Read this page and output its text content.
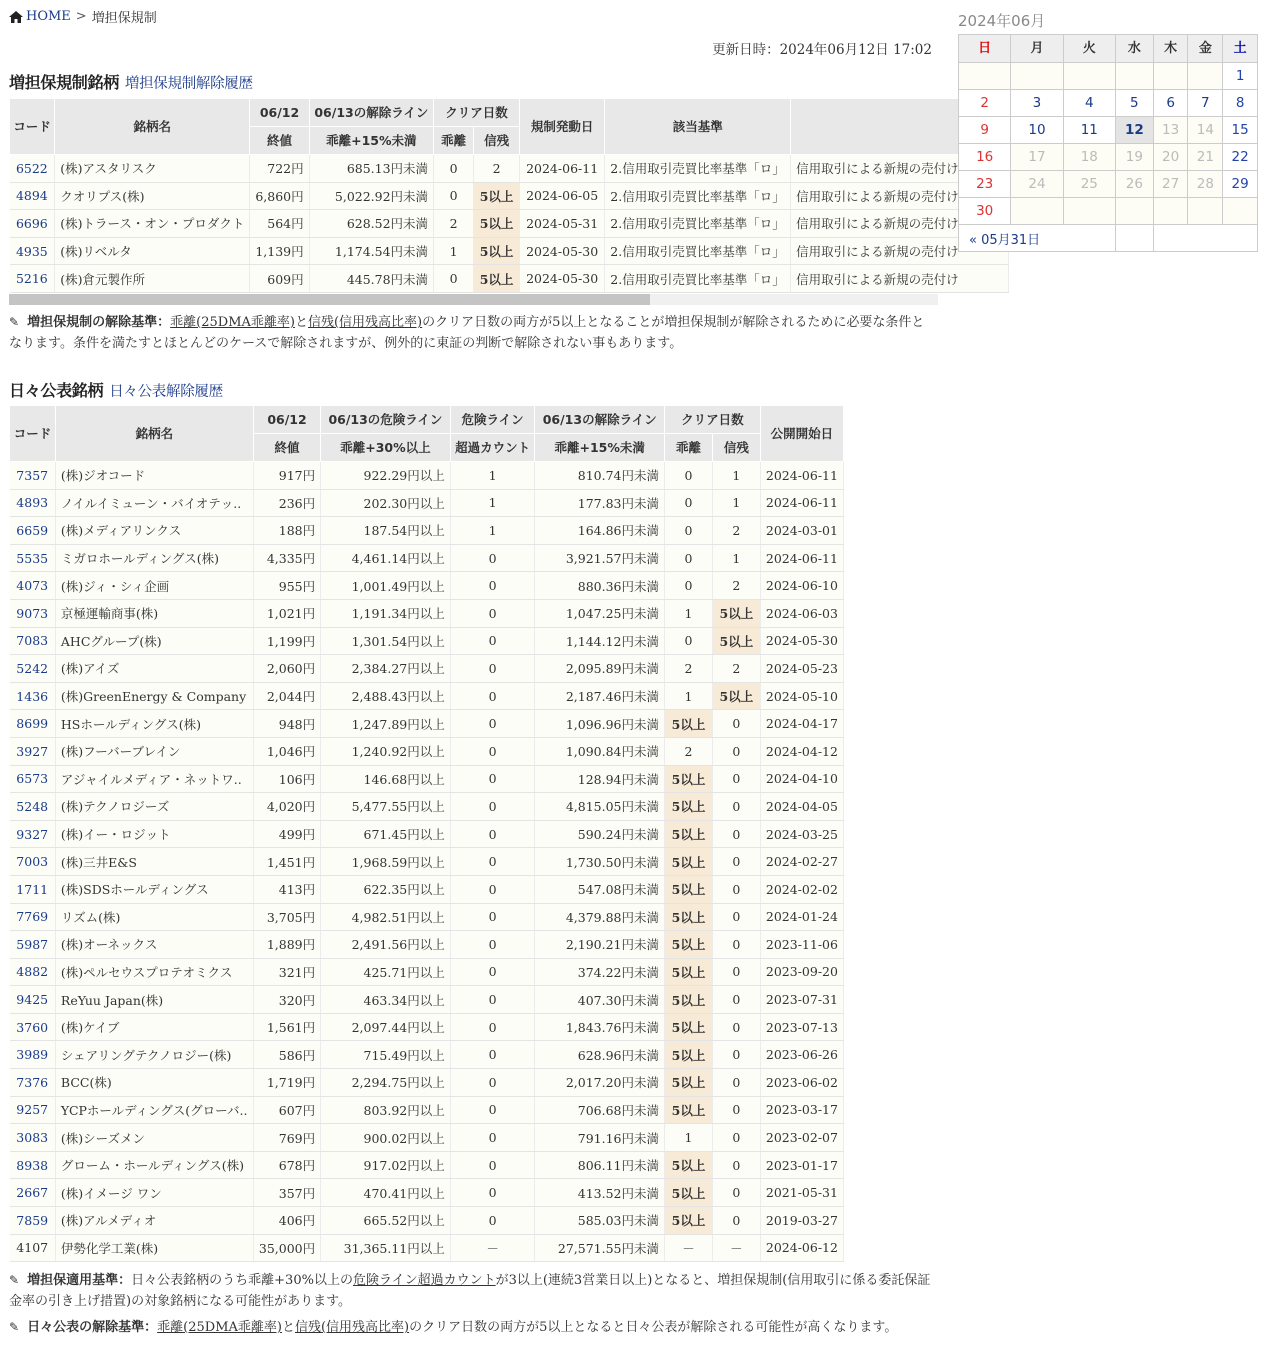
HOME > 増担保規制
更新日時：2024年06月12日 17:02
増担保規制銘柄 増担保規制解除履歴
コード	銘柄名	06/12	06/13の解除ライン	クリア日数		規制発動日	該当基準	
		終値	乖離+15%未満	乖離	信残			
6522	(株)アスタリスク	722円	685.13円未満	0	2	2024-06-11	2.信用取引売買比率基準「ロ」	信用取引による新規の売付け
4894	クオリプス(株)	6,860円	5,022.92円未満	0	5以上	2024-06-05	2.信用取引売買比率基準「ロ」	信用取引による新規の売付け
6696	(株)トラース・オン・プロダクト	564円	628.52円未満	2	5以上	2024-05-31	2.信用取引売買比率基準「ロ」	信用取引による新規の売付け
4935	(株)リベルタ	1,139円	1,174.54円未満	1	5以上	2024-05-30	2.信用取引売買比率基準「ロ」	信用取引による新規の売付け
5216	(株)倉元製作所	609円	445.78円未満	0	5以上	2024-05-30	2.信用取引売買比率基準「ロ」	信用取引による新規の売付け
✎ 増担保規制の解除基準：乖離(25DMA乖離率)と信残(信用残高比率)のクリア日数の両方が5以上となることが増担保規制が解除されるために必要な条件となります。条件を満たすとほとんどのケースで解除されますが、例外的に東証の判断で解除されない事もあります。
日々公表銘柄 日々公表解除履歴
コード	銘柄名	06/12	06/13の危険ライン	危険ライン	06/13の解除ライン	クリア日数		公開開始日
		終値	乖離+30%以上	超過カウント	乖離+15%未満	乖離	信残	
7357	(株)ジオコード	917円	922.29円以上	1	810.74円未満	0	1	2024-06-11
4893	ノイルイミューン・バイオテッ..	236円	202.30円以上	1	177.83円未満	0	1	2024-06-11
6659	(株)メディアリンクス	188円	187.54円以上	1	164.86円未満	0	2	2024-03-01
5535	ミガロホールディングス(株)	4,335円	4,461.14円以上	0	3,921.57円未満	0	1	2024-06-11
4073	(株)ジィ・シィ企画	955円	1,001.49円以上	0	880.36円未満	0	2	2024-06-10
9073	京極運輸商事(株)	1,021円	1,191.34円以上	0	1,047.25円未満	1	5以上	2024-06-03
7083	AHCグループ(株)	1,199円	1,301.54円以上	0	1,144.12円未満	0	5以上	2024-05-30
5242	(株)アイズ	2,060円	2,384.27円以上	0	2,095.89円未満	2	2	2024-05-23
1436	(株)GreenEnergy & Company	2,044円	2,488.43円以上	0	2,187.46円未満	1	5以上	2024-05-10
8699	HSホールディングス(株)	948円	1,247.89円以上	0	1,096.96円未満	5以上	0	2024-04-17
3927	(株)フーバーブレイン	1,046円	1,240.92円以上	0	1,090.84円未満	2	0	2024-04-12
6573	アジャイルメディア・ネットワ..	106円	146.68円以上	0	128.94円未満	5以上	0	2024-04-10
5248	(株)テクノロジーズ	4,020円	5,477.55円以上	0	4,815.05円未満	5以上	0	2024-04-05
9327	(株)イー・ロジット	499円	671.45円以上	0	590.24円未満	5以上	0	2024-03-25
7003	(株)三井E&S	1,451円	1,968.59円以上	0	1,730.50円未満	5以上	0	2024-02-27
1711	(株)SDSホールディングス	413円	622.35円以上	0	547.08円未満	5以上	0	2024-02-02
7769	リズム(株)	3,705円	4,982.51円以上	0	4,379.88円未満	5以上	0	2024-01-24
5987	(株)オーネックス	1,889円	2,491.56円以上	0	2,190.21円未満	5以上	0	2023-11-06
4882	(株)ペルセウスプロテオミクス	321円	425.71円以上	0	374.22円未満	5以上	0	2023-09-20
9425	ReYuu Japan(株)	320円	463.34円以上	0	407.30円未満	5以上	0	2023-07-31
3760	(株)ケイブ	1,561円	2,097.44円以上	0	1,843.76円未満	5以上	0	2023-07-13
3989	シェアリングテクノロジー(株)	586円	715.49円以上	0	628.96円未満	5以上	0	2023-06-26
7376	BCC(株)	1,719円	2,294.75円以上	0	2,017.20円未満	5以上	0	2023-06-02
9257	YCPホールディングス(グローバ..	607円	803.92円以上	0	706.68円未満	5以上	0	2023-03-17
3083	(株)シーズメン	769円	900.02円以上	0	791.16円未満	1	0	2023-02-07
8938	グローム・ホールディングス(株)	678円	917.02円以上	0	806.11円未満	5以上	0	2023-01-17
2667	(株)イメージ ワン	357円	470.41円以上	0	413.52円未満	5以上	0	2021-05-31
7859	(株)アルメディオ	406円	665.52円以上	0	585.03円未満	5以上	0	2019-03-27
4107	伊勢化学工業(株)	35,000円	31,365.11円以上	－	27,571.55円未満	－	－	2024-06-12
✎ 増担保適用基準：日々公表銘柄のうち乖離+30%以上の危険ライン超過カウントが3以上(連続3営業日以上)となると、増担保規制(信用取引に係る委託保証金率の引き上げ措置)の対象銘柄になる可能性があります。
✎ 日々公表の解除基準：乖離(25DMA乖離率)と信残(信用残高比率)のクリア日数の両方が5以上となると日々公表が解除される可能性が高くなります。
2024年06月
日	月	火	水	木	金	土
						1
2	3	4	5	6	7	8
9	10	11	12	13	14	15
16	17	18	19	20	21	22
23	24	25	26	27	28	29
30						
« 05月31日						
